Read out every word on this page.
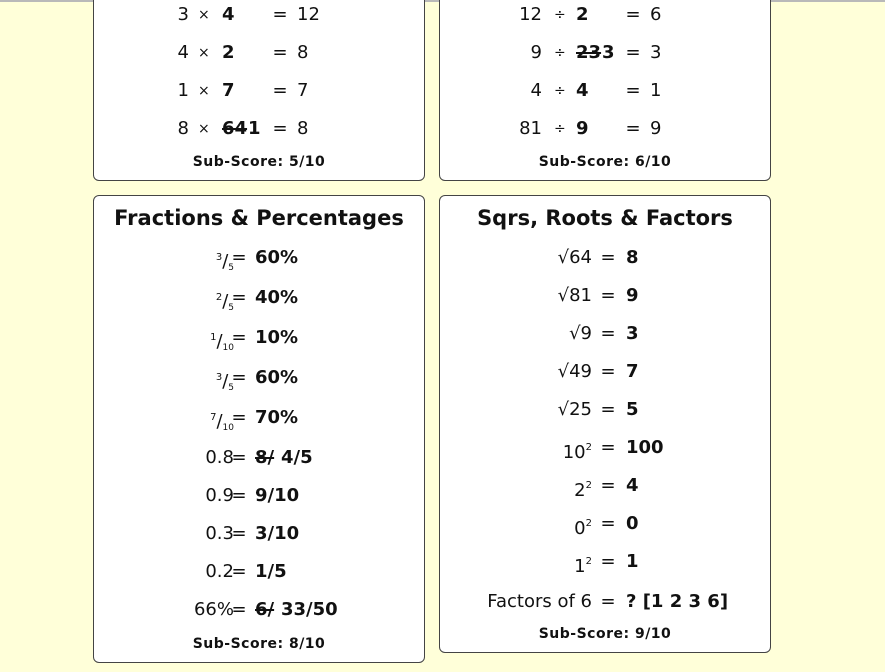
3 × 4 = 12
4 × 2 = 8
1 × 7 = 7
8 × 64 1 = 8
Sub-Score: 5/10
12 ÷ 2 = 6
9 ÷ 23 3 = 3
4 ÷ 4 = 1
81 ÷ 9 = 9
Sub-Score: 6/10
Fractions & Percentages
$^3/_5$
= 60%
$^2/_5$
= 40%
$^1/_{10}$
= 10%
$^3/_5$
= 60%
$^7/_{10}$
= 70%
0.8
= 8/ 4/5
0.9
= 9/10
0.3
= 3/10
0.2
= 1/5
66%
= 6/ 33/50
Sub-Score: 8/10
Sqrs, Roots & Factors
√64 = 8
√81 = 9
√9 = 3
√49 = 7
√25 = 5
$10^2 = 100$
$2^2 = 4$
$0^2 = 0$
$1^2 = 1$
Factors of 6 = ? [1 2 3 6]
Sub-Score: 9/10
